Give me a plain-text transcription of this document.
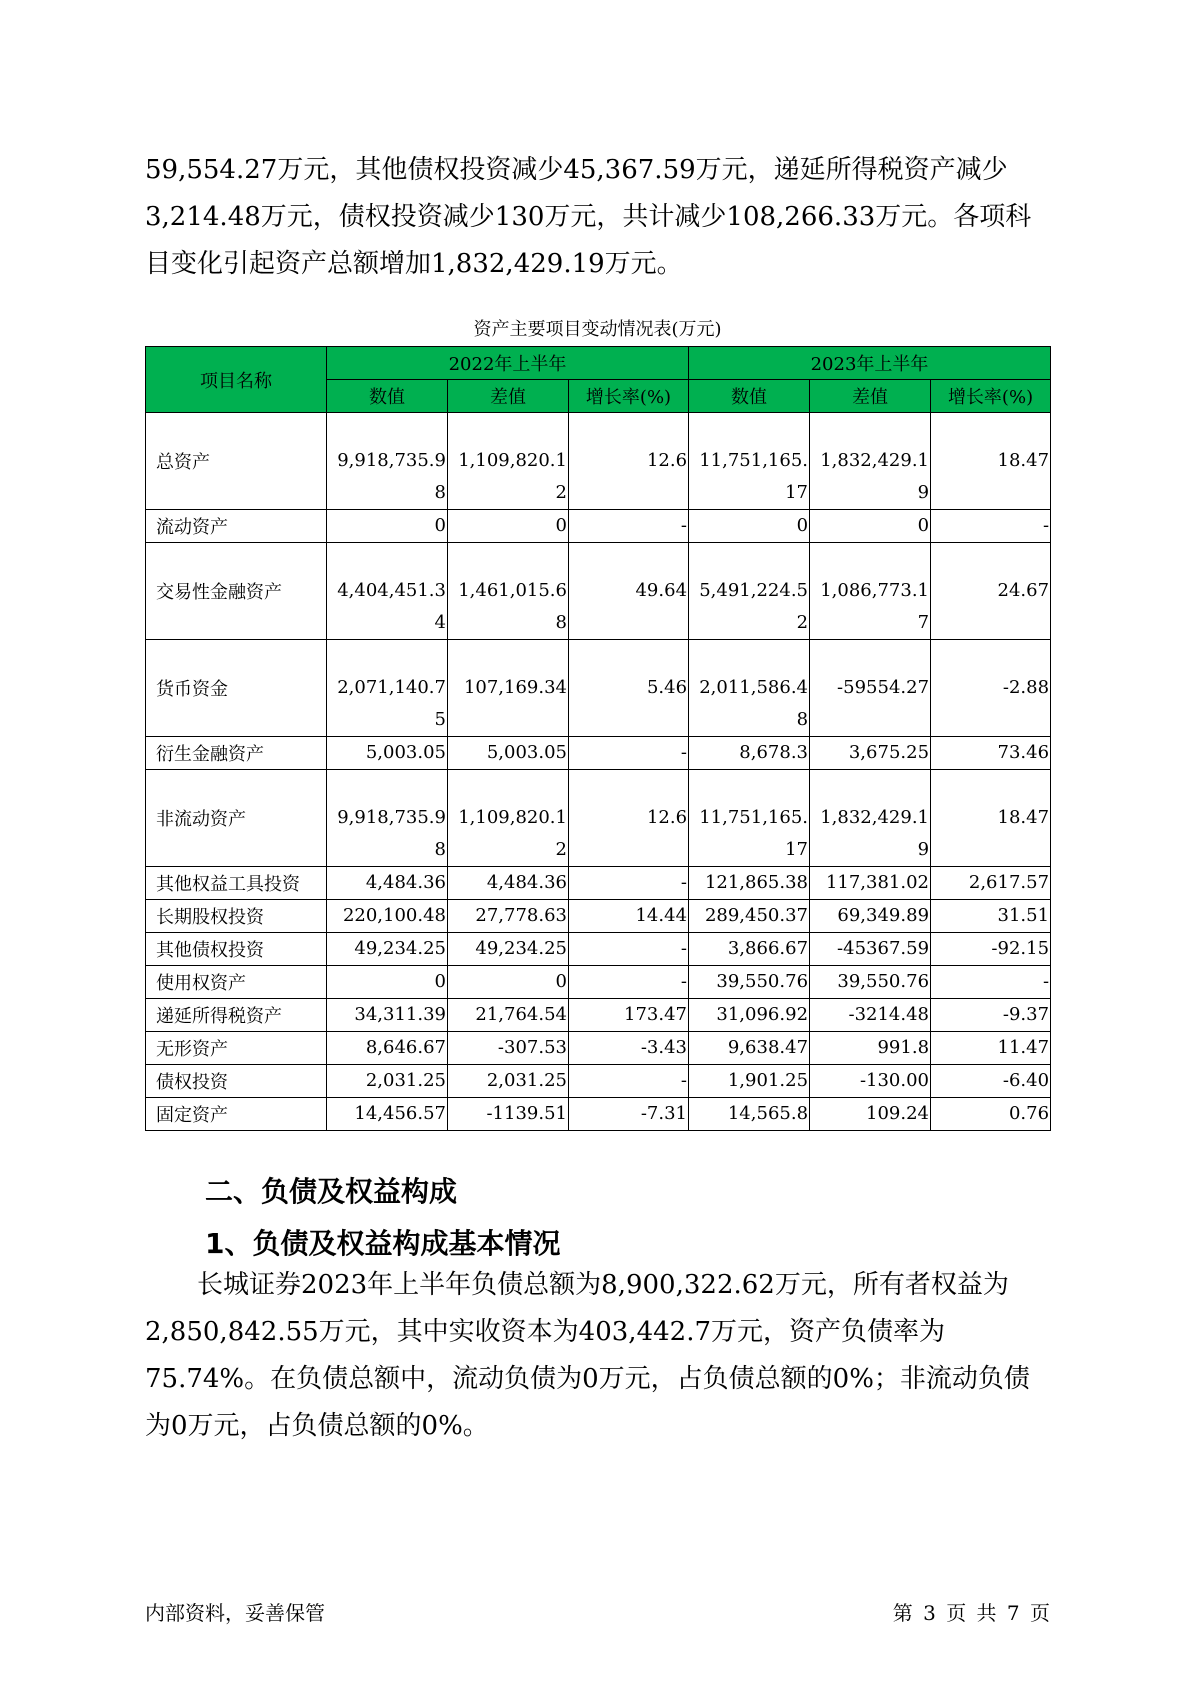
59,554.27万元，其他债权投资减少45,367.59万元，递延所得税资产减少3,214.48万元，债权投资减少130万元，共计减少108,266.33万元。各项科目变化引起资产总额增加1,832,429.19万元。

资产主要项目变动情况表(万元)
项目名称	2022年上半年			2023年上半年		
	数值	差值	增长率(%)	数值	差值	增长率(%)
总资产	9,918,735.98	1,109,820.12	12.6	11,751,165.17	1,832,429.19	18.47
流动资产	0	0	-	0	0	-
交易性金融资产	4,404,451.34	1,461,015.68	49.64	5,491,224.52	1,086,773.17	24.67
货币资金	2,071,140.75	107,169.34	5.46	2,011,586.48	-59554.27	-2.88
衍生金融资产	5,003.05	5,003.05	-	8,678.3	3,675.25	73.46
非流动资产	9,918,735.98	1,109,820.12	12.6	11,751,165.17	1,832,429.19	18.47
其他权益工具投资	4,484.36	4,484.36	-	121,865.38	117,381.02	2,617.57
长期股权投资	220,100.48	27,778.63	14.44	289,450.37	69,349.89	31.51
其他债权投资	49,234.25	49,234.25	-	3,866.67	-45367.59	-92.15
使用权资产	0	0	-	39,550.76	39,550.76	-
递延所得税资产	34,311.39	21,764.54	173.47	31,096.92	-3214.48	-9.37
无形资产	8,646.67	-307.53	-3.43	9,638.47	991.8	11.47
债权投资	2,031.25	2,031.25	-	1,901.25	-130.00	-6.40
固定资产	14,456.57	-1139.51	-7.31	14,565.8	109.24	0.76
二、负债及权益构成
1、负债及权益构成基本情况

长城证券2023年上半年负债总额为8,900,322.62万元，所有者权益为2,850,842.55万元，其中实收资本为403,442.7万元，资产负债率为75.74%。在负债总额中，流动负债为0万元，占负债总额的0%；非流动负债为0万元，占负债总额的0%。

内部资料，妥善保管	第 3 页 共 7 页
